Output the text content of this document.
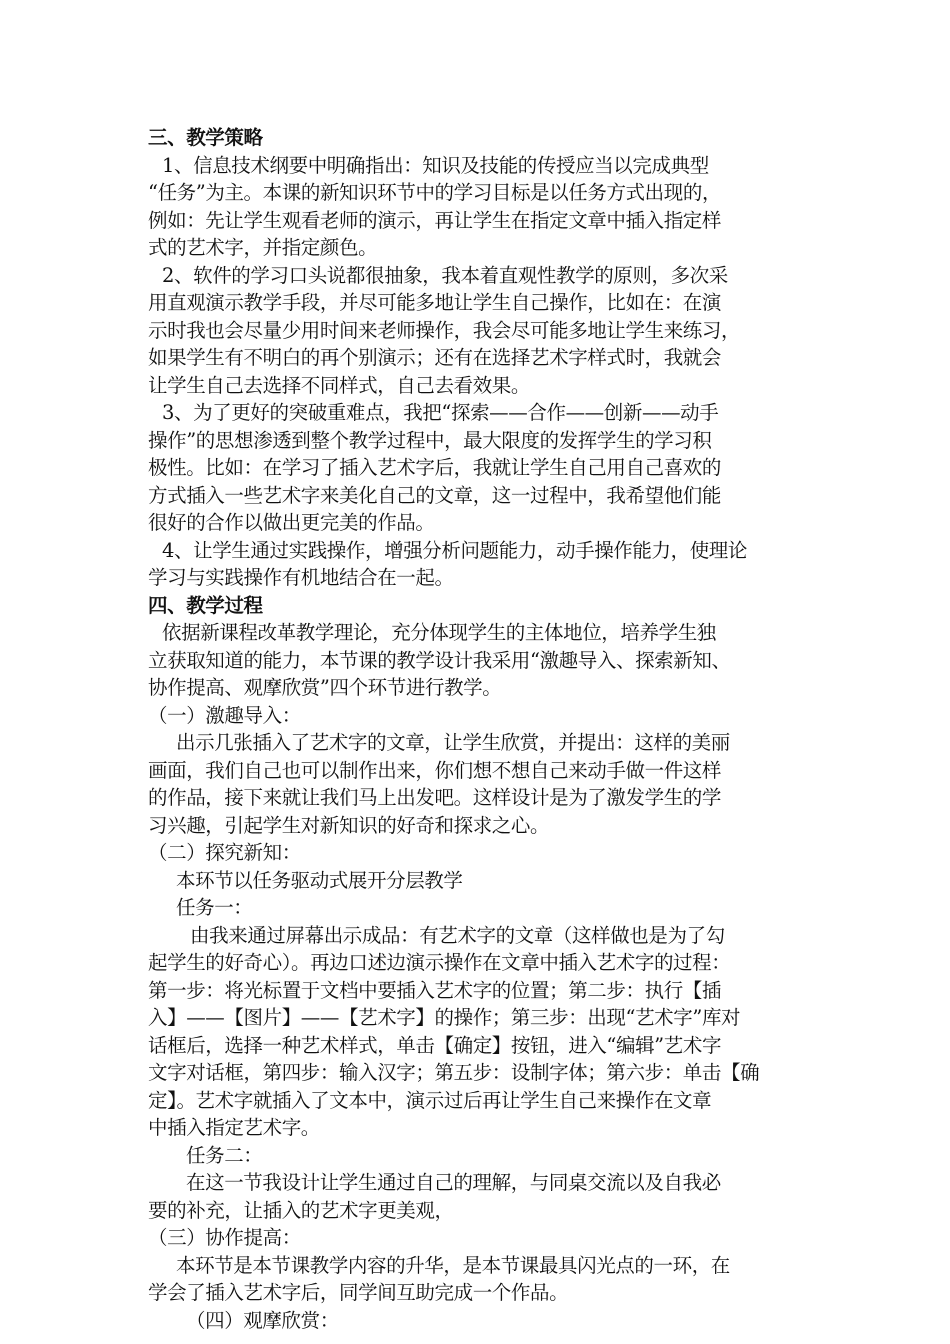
三、教学策略
1、信息技术纲要中明确指出：知识及技能的传授应当以完成典型
“任务”为主。本课的新知识环节中的学习目标是以任务方式出现的，
例如：先让学生观看老师的演示，再让学生在指定文章中插入指定样
式的艺术字，并指定颜色。
2、软件的学习口头说都很抽象，我本着直观性教学的原则，多次采
用直观演示教学手段，并尽可能多地让学生自己操作，比如在：在演
示时我也会尽量少用时间来老师操作，我会尽可能多地让学生来练习，
如果学生有不明白的再个别演示；还有在选择艺术字样式时，我就会
让学生自己去选择不同样式，自己去看效果。
3、为了更好的突破重难点，我把“探索——合作——创新——动手
操作”的思想渗透到整个教学过程中，最大限度的发挥学生的学习积
极性。比如：在学习了插入艺术字后，我就让学生自己用自己喜欢的
方式插入一些艺术字来美化自己的文章，这一过程中，我希望他们能
很好的合作以做出更完美的作品。
4、让学生通过实践操作，增强分析问题能力，动手操作能力，使理论
学习与实践操作有机地结合在一起。
四、教学过程
依据新课程改革教学理论，充分体现学生的主体地位，培养学生独
立获取知道的能力，本节课的教学设计我采用“激趣导入、探索新知、
协作提高、观摩欣赏”四个环节进行教学。
（一）激趣导入：
出示几张插入了艺术字的文章，让学生欣赏，并提出：这样的美丽
画面，我们自己也可以制作出来，你们想不想自己来动手做一件这样
的作品，接下来就让我们马上出发吧。这样设计是为了激发学生的学
习兴趣，引起学生对新知识的好奇和探求之心。
（二）探究新知：
本环节以任务驱动式展开分层教学
任务一：
由我来通过屏幕出示成品：有艺术字的文章（这样做也是为了勾
起学生的好奇心）。再边口述边演示操作在文章中插入艺术字的过程：
第一步：将光标置于文档中要插入艺术字的位置；第二步：执行【插
入】——【图片】——【艺术字】的操作；第三步：出现“艺术字”库对
话框后，选择一种艺术样式，单击【确定】按钮，进入“编辑”艺术字
文字对话框，第四步：输入汉字；第五步：设制字体；第六步：单击【确
定】。艺术字就插入了文本中，演示过后再让学生自己来操作在文章
中插入指定艺术字。
任务二：
在这一节我设计让学生通过自己的理解，与同桌交流以及自我必
要的补充，让插入的艺术字更美观，
（三）协作提高：
本环节是本节课教学内容的升华，是本节课最具闪光点的一环，在
学会了插入艺术字后，同学间互助完成一个作品。
（四）观摩欣赏：
